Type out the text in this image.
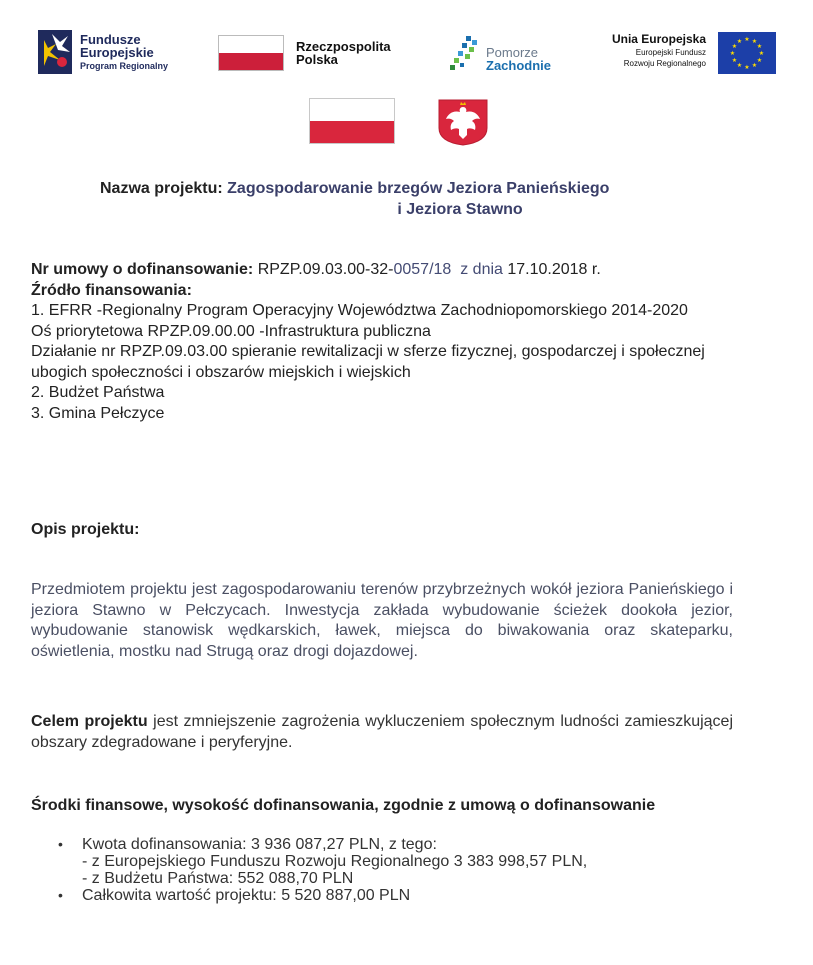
Fundusze
Europejskie
Program Regionalny
Rzeczpospolita
Polska	Pomorze
Zachodnie
Unia Europejska
Europejski Fundusz
Rozwoju Regionalnego
★ ★
★
★
★
★
★
★
★
★
★
★
Nazwa projektu: Zagospodarowanie brzegów Jeziora Panieńskiego
i Jeziora Stawno
Nr umowy o dofinansowanie: RPZP.09.03.00-32-0057/18 z dnia 17.10.2018 r.
Źródło finansowania:
1. EFRR -Regionalny Program Operacyjny Województwa Zachodniopomorskiego 2014-2020
Oś priorytetowa RPZP.09.00.00 -Infrastruktura publiczna
Działanie nr RPZP.09.03.00 spieranie rewitalizacji w sferze fizycznej, gospodarczej i społecznej ubogich społeczności i obszarów miejskich i wiejskich
2. Budżet Państwa
3. Gmina Pełczyce
Opis projektu:
Przedmiotem projektu jest zagospodarowaniu terenów przybrzeżnych wokół jeziora Panieńskiego i jeziora Stawno w Pełczycach. Inwestycja zakłada wybudowanie ścieżek dookoła jezior, wybudowanie stanowisk wędkarskich, ławek, miejsca do biwakowania oraz skateparku, oświetlenia, mostku nad Strugą oraz drogi dojazdowej.
Celem projektu jest zmniejszenie zagrożenia wykluczeniem społecznym ludności zamieszkującej obszary zdegradowane i peryferyjne.
Środki finansowe, wysokość dofinansowania, zgodnie z umową o dofinansowanie
• Kwota dofinansowania: 3 936 087,27 PLN, z tego:
- z Europejskiego Funduszu Rozwoju Regionalnego 3 383 998,57 PLN,
- z Budżetu Państwa: 552 088,70 PLN
• Całkowita wartość projektu: 5 520 887,00 PLN
